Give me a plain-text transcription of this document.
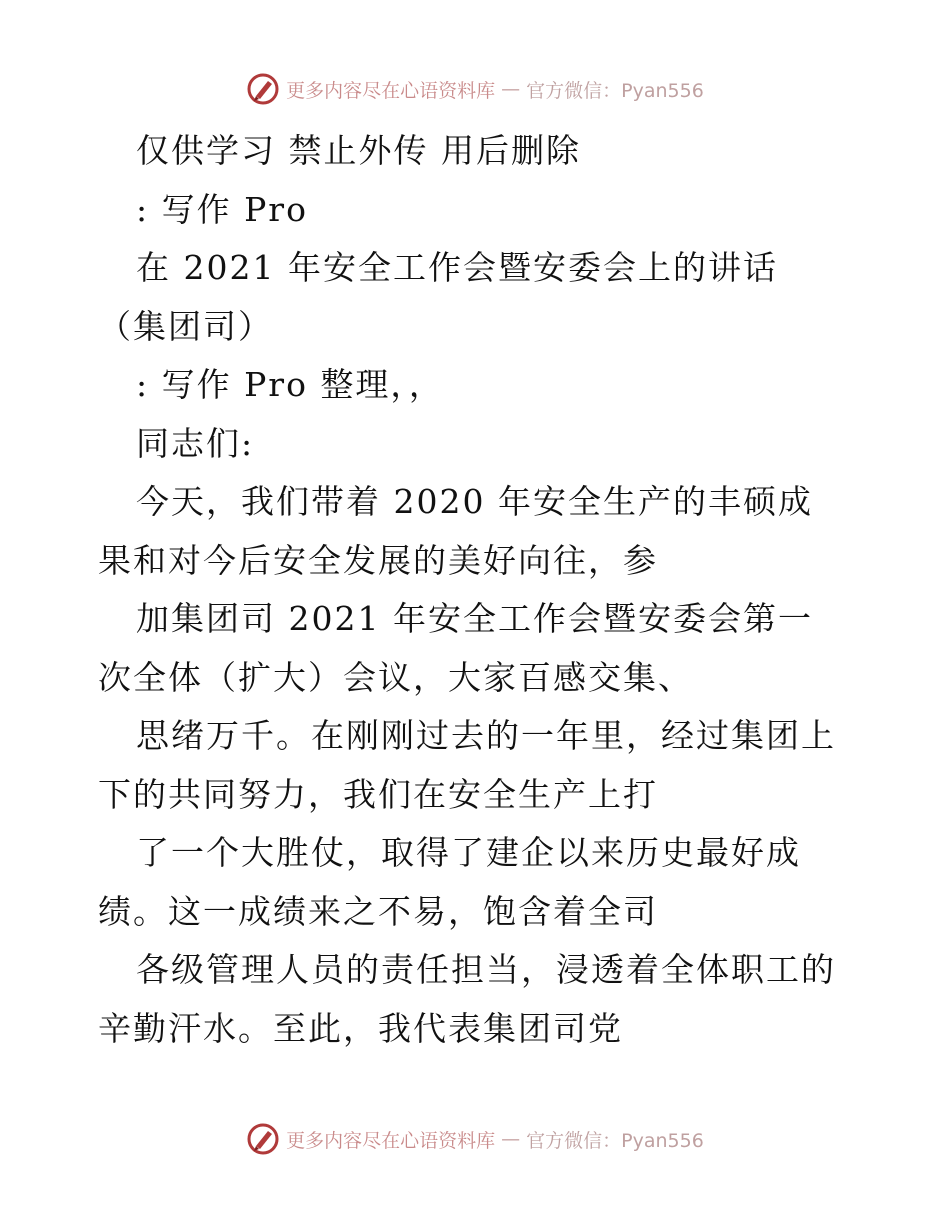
更多内容尽在心语资料库 — 官方微信：Pyan556

仅供学习 禁止外传 用后删除

: 写作 Pro

在 2021 年安全工作会暨安委会上的讲话（集团司）

: 写作 Pro 整理，，

同志们:

今天，我们带着 2020 年安全生产的丰硕成果和对今后安全发展的美好向往，参

加集团司 2021 年安全工作会暨安委会第一次全体（扩大）会议，大家百感交集、

思绪万千。在刚刚过去的一年里，经过集团上下的共同努力，我们在安全生产上打

了一个大胜仗，取得了建企以来历史最好成绩。这一成绩来之不易，饱含着全司

各级管理人员的责任担当，浸透着全体职工的辛勤汗水。至此，我代表集团司党

更多内容尽在心语资料库 — 官方微信：Pyan556
